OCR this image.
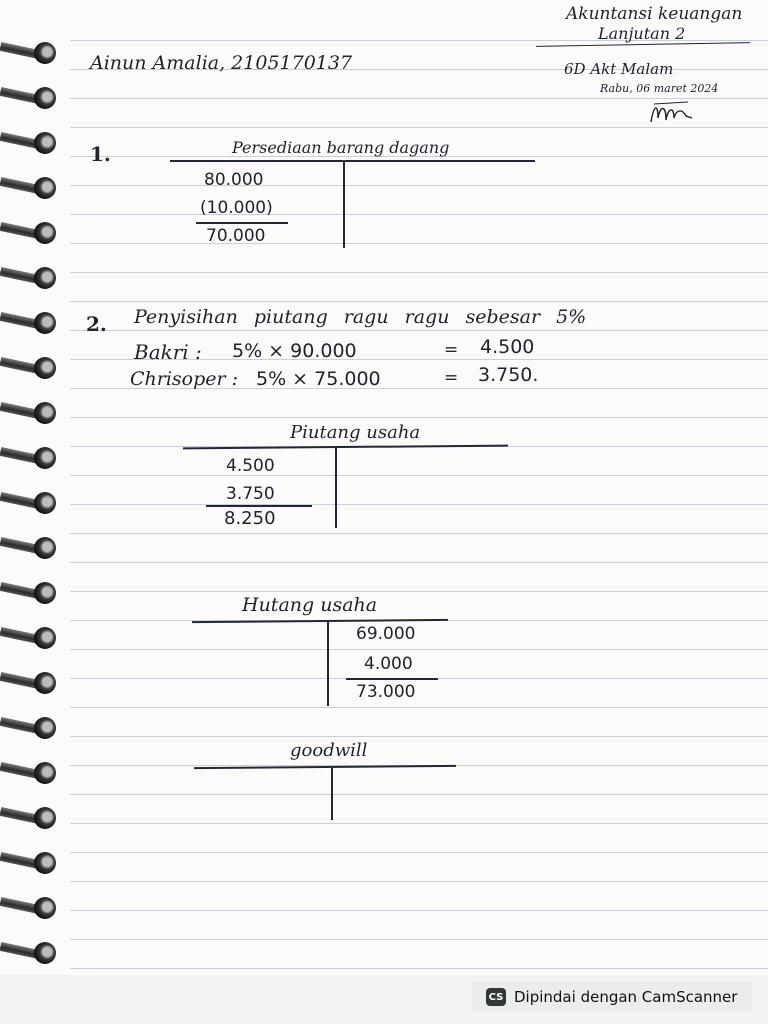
Akuntansi keuangan
Lanjutan 2
Ainun Amalia, 2105170137	6D Akt Malam
Rabu, 06 maret 2024
1.	Persediaan barang dagang
80.000
(10.000)
70.000
2. Penyisihan piutang ragu ragu sebesar 5%
Bakri : 5% × 90.000	= 4.500
Chrisoper : 5% × 75.000	= 3.750.
Piutang usaha
4.500
3.750
8.250
Hutang usaha
69.000
4.000
73.000
goodwill
CS Dipindai dengan CamScanner
